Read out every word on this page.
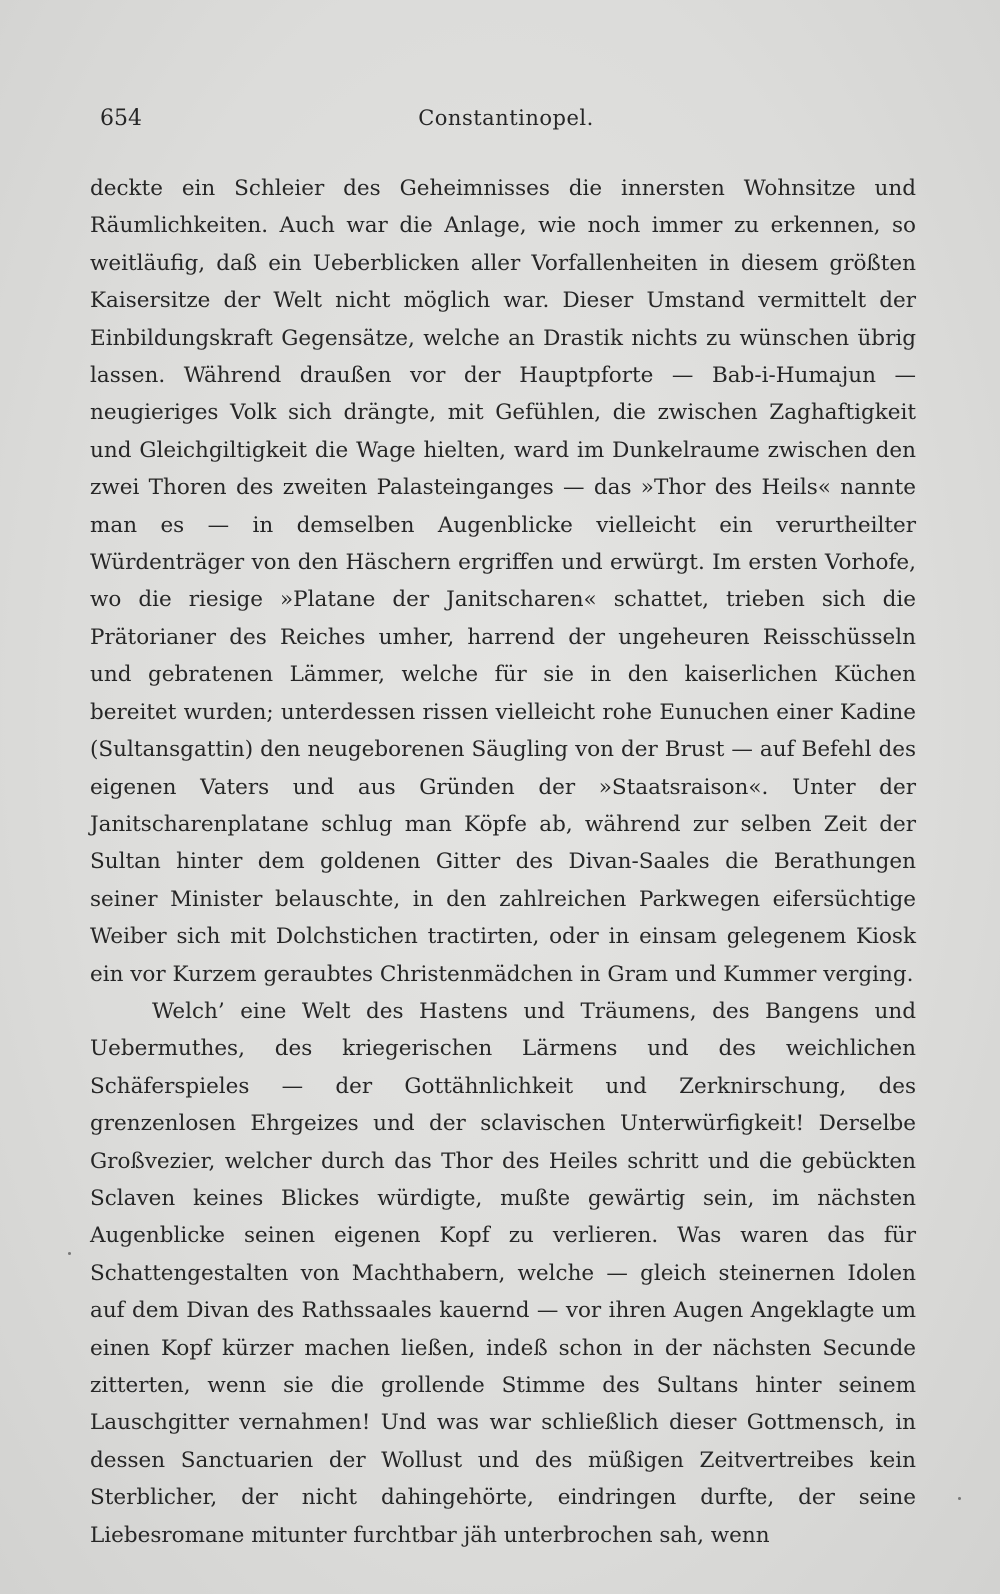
654	Constantinopel.

deckte ein Schleier des Geheimnisses die innersten Wohnsitze und Räumlichkeiten. Auch war die Anlage, wie noch immer zu erkennen, so weitläufig, daß ein Ueberblicken aller Vorfallenheiten in diesem größten Kaisersitze der Welt nicht möglich war. Dieser Umstand vermittelt der Einbildungskraft Gegensätze, welche an Drastik nichts zu wünschen übrig lassen. Während draußen vor der Hauptpforte — Bab-i-Humajun — neugieriges Volk sich drängte, mit Gefühlen, die zwischen Zaghaftigkeit und Gleichgiltigkeit die Wage hielten, ward im Dunkelraume zwischen den zwei Thoren des zweiten Palasteinganges — das »Thor des Heils« nannte man es — in demselben Augenblicke vielleicht ein verurtheilter Würdenträger von den Häschern ergriffen und erwürgt. Im ersten Vorhofe, wo die riesige »Platane der Janitscharen« schattet, trieben sich die Prätorianer des Reiches umher, harrend der ungeheuren Reisschüsseln und gebratenen Lämmer, welche für sie in den kaiserlichen Küchen bereitet wurden; unterdessen rissen vielleicht rohe Eunuchen einer Kadine (Sultansgattin) den neugeborenen Säugling von der Brust — auf Befehl des eigenen Vaters und aus Gründen der »Staatsraison«. Unter der Janitscharenplatane schlug man Köpfe ab, während zur selben Zeit der Sultan hinter dem goldenen Gitter des Divan-Saales die Berathungen seiner Minister belauschte, in den zahlreichen Parkwegen eifersüchtige Weiber sich mit Dolchstichen tractirten, oder in einsam gelegenem Kiosk ein vor Kurzem geraubtes Christenmädchen in Gram und Kummer verging.

Welch’ eine Welt des Hastens und Träumens, des Bangens und Uebermuthes, des kriegerischen Lärmens und des weichlichen Schäferspieles — der Gottähnlichkeit und Zerknirschung, des grenzenlosen Ehrgeizes und der sclavischen Unterwürfigkeit! Derselbe Großvezier, welcher durch das Thor des Heiles schritt und die gebückten Sclaven keines Blickes würdigte, mußte gewärtig sein, im nächsten Augenblicke seinen eigenen Kopf zu verlieren. Was waren das für Schattengestalten von Machthabern, welche — gleich steinernen Idolen auf dem Divan des Rathssaales kauernd — vor ihren Augen Angeklagte um einen Kopf kürzer machen ließen, indeß schon in der nächsten Secunde zitterten, wenn sie die grollende Stimme des Sultans hinter seinem Lauschgitter vernahmen! Und was war schließlich dieser Gottmensch, in dessen Sanctuarien der Wollust und des müßigen Zeitvertreibes kein Sterblicher, der nicht dahingehörte, eindringen durfte, der seine Liebesromane mitunter furchtbar jäh unterbrochen sah, wenn
